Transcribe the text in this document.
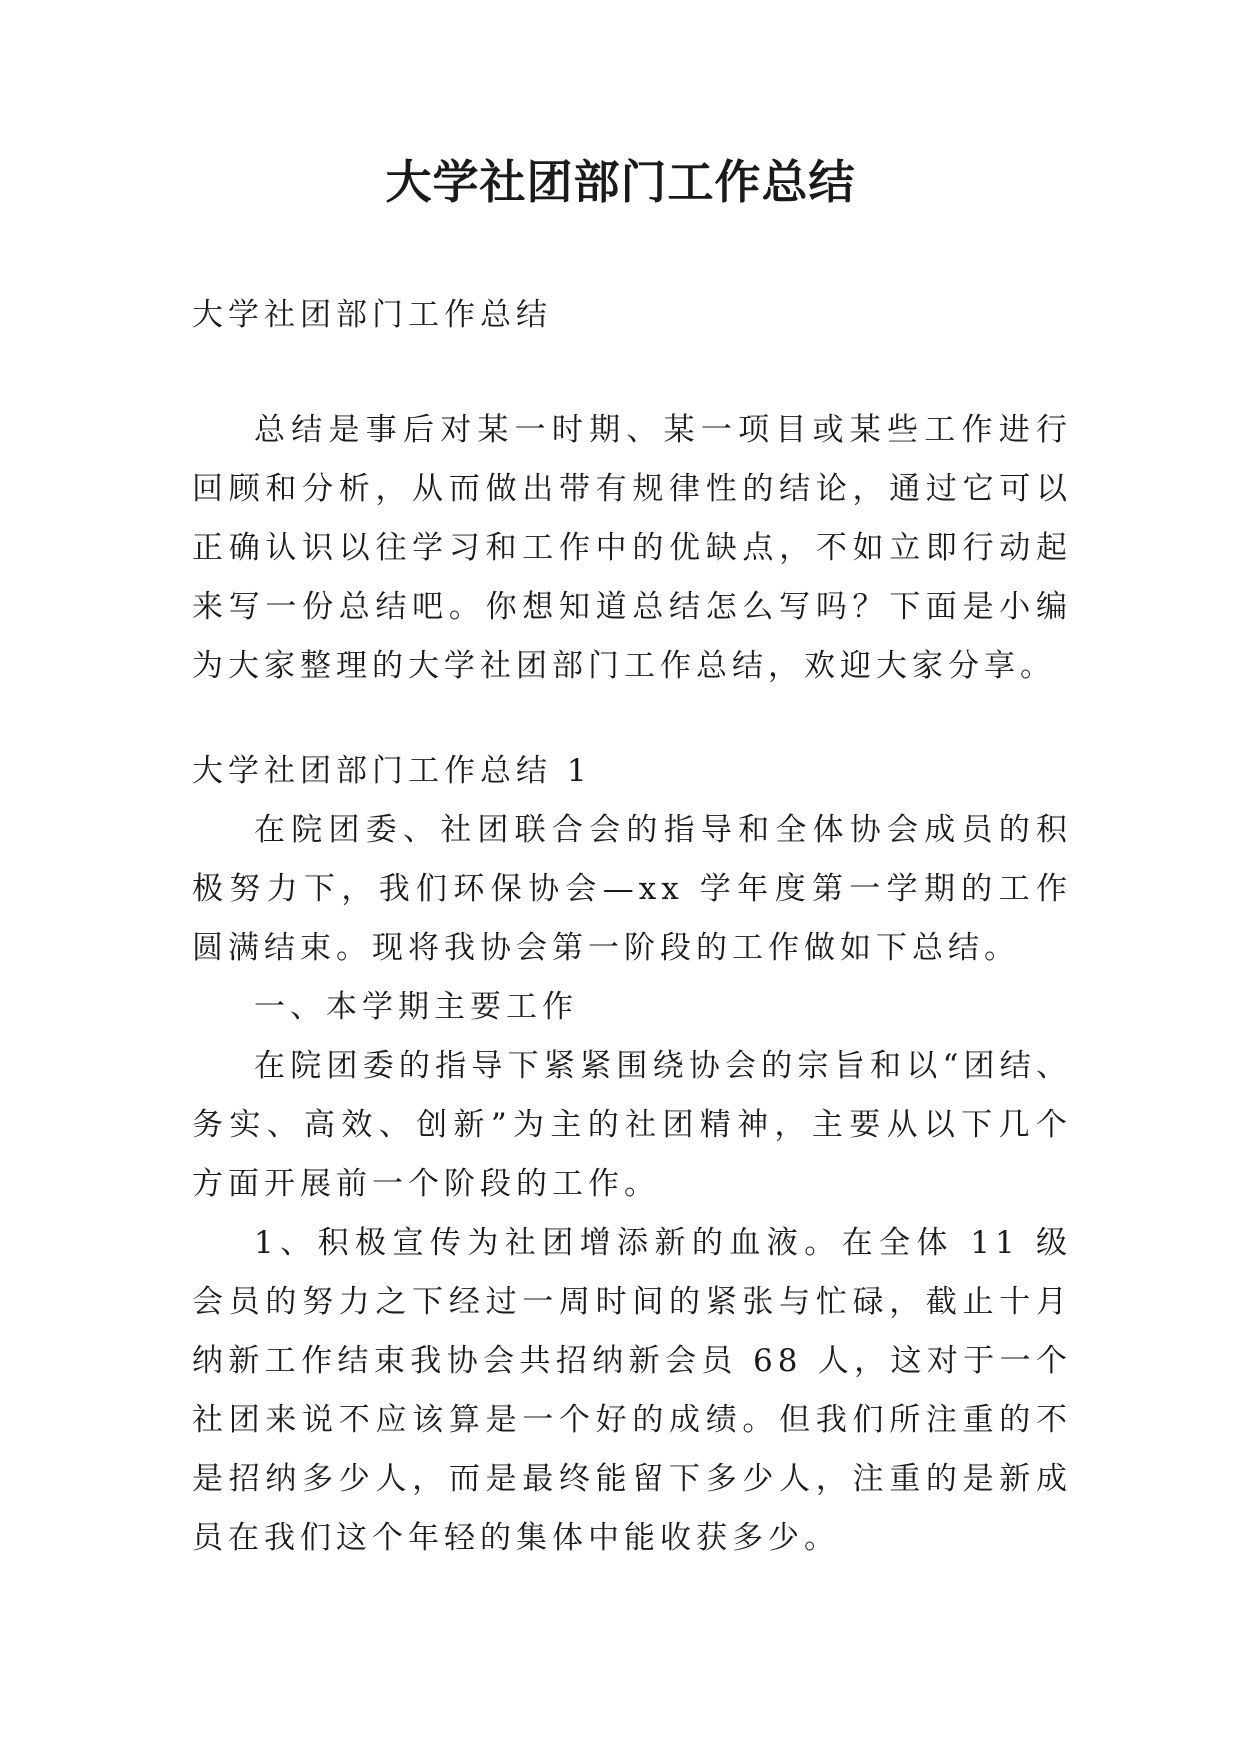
大学社团部门工作总结

大学社团部门工作总结

总结是事后对某一时期、某一项目或某些工作进行回顾和分析，从而做出带有规律性的结论，通过它可以正确认识以往学习和工作中的优缺点，不如立即行动起来写一份总结吧。你想知道总结怎么写吗？下面是小编为大家整理的大学社团部门工作总结，欢迎大家分享。

大学社团部门工作总结 1

在院团委、社团联合会的指导和全体协会成员的积极努力下，我们环保协会—xx 学年度第一学期的工作圆满结束。现将我协会第一阶段的工作做如下总结。

一、本学期主要工作

在院团委的指导下紧紧围绕协会的宗旨和以“团结、务实、高效、创新”为主的社团精神，主要从以下几个方面开展前一个阶段的工作。

1、积极宣传为社团增添新的血液。在全体 11 级会员的努力之下经过一周时间的紧张与忙碌，截止十月纳新工作结束我协会共招纳新会员 68 人，这对于一个社团来说不应该算是一个好的成绩。但我们所注重的不是招纳多少人，而是最终能留下多少人，注重的是新成员在我们这个年轻的集体中能收获多少。
